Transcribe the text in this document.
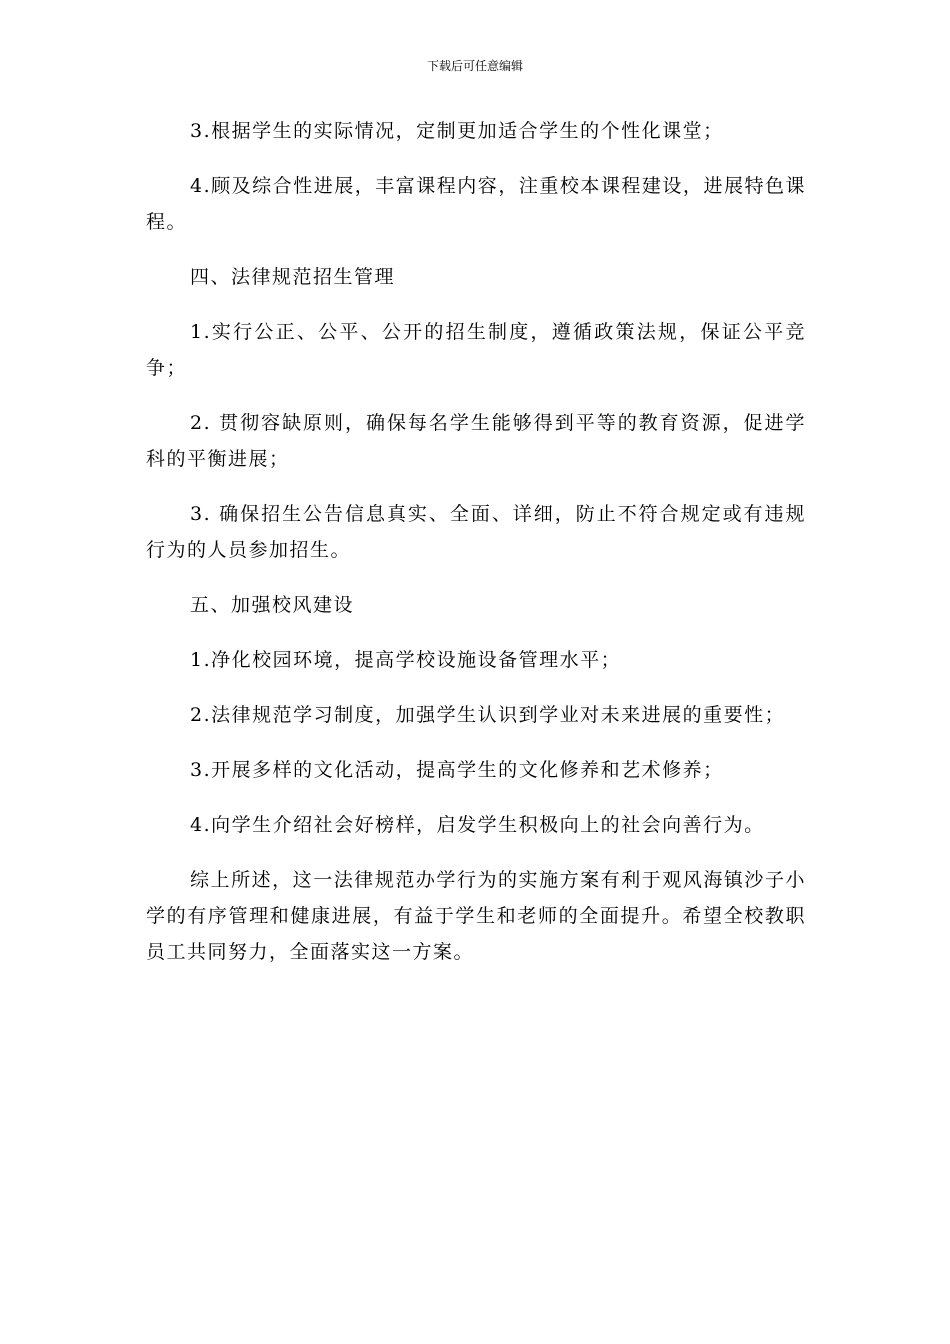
下载后可任意编辑

3.根据学生的实际情况，定制更加适合学生的个性化课堂；

4.顾及综合性进展，丰富课程内容，注重校本课程建设，进展特色课程。

四、法律规范招生管理

1.实行公正、公平、公开的招生制度，遵循政策法规，保证公平竞争；

2. 贯彻容缺原则，确保每名学生能够得到平等的教育资源，促进学科的平衡进展；

3. 确保招生公告信息真实、全面、详细，防止不符合规定或有违规行为的人员参加招生。

五、加强校风建设

1.净化校园环境，提高学校设施设备管理水平；

2.法律规范学习制度，加强学生认识到学业对未来进展的重要性；

3.开展多样的文化活动，提高学生的文化修养和艺术修养；

4.向学生介绍社会好榜样，启发学生积极向上的社会向善行为。

综上所述，这一法律规范办学行为的实施方案有利于观风海镇沙子小学的有序管理和健康进展，有益于学生和老师的全面提升。希望全校教职员工共同努力，全面落实这一方案。
